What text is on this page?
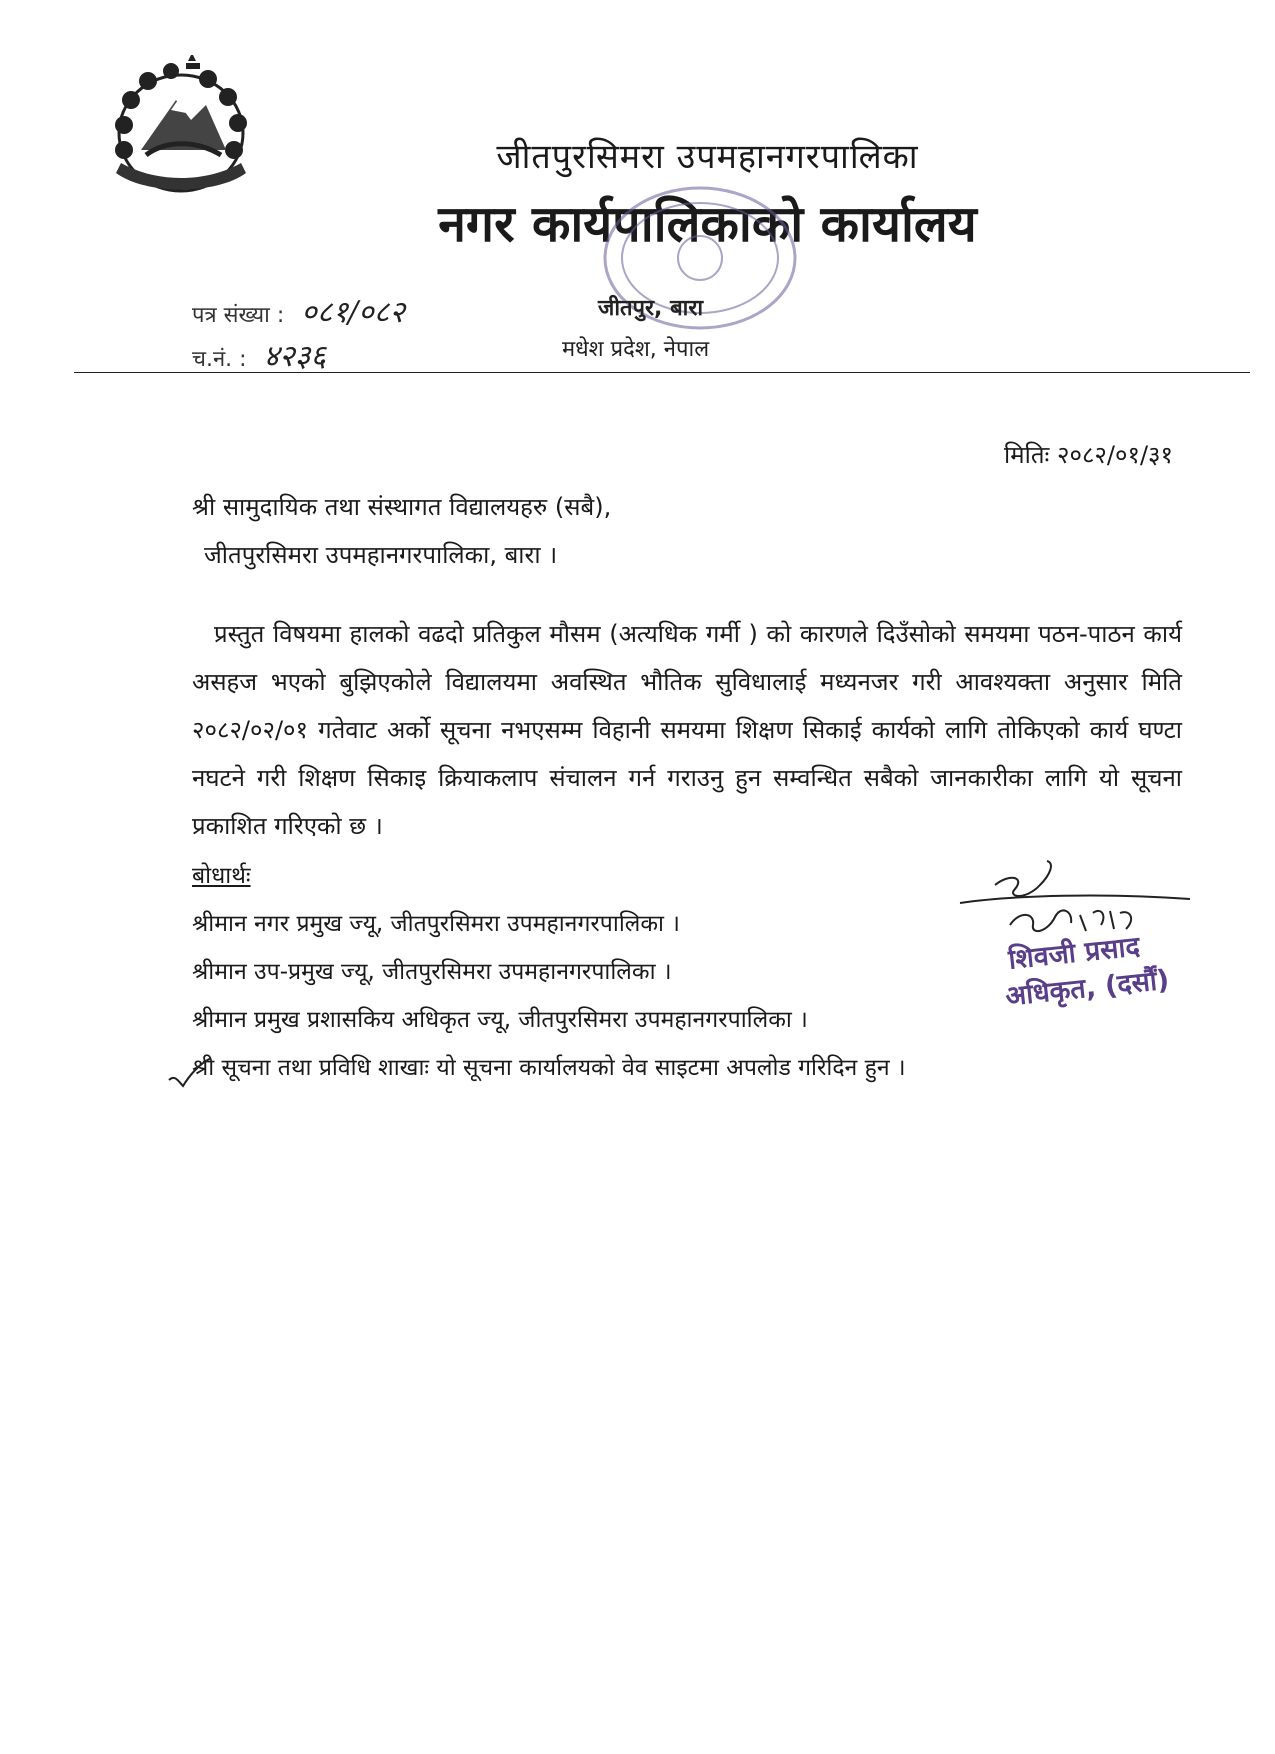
जीतपुरसिमरा उपमहानगरपालिका
नगर कार्यपालिकाको कार्यालय
पत्र संख्या : ०८१/०८२
च.नं. : ४२३६
जीतपुर, बारा
मधेश प्रदेश, नेपाल
मितिः २०८२/०१/३१
श्री सामुदायिक तथा संस्थागत विद्यालयहरु (सबै),
जीतपुरसिमरा उपमहानगरपालिका, बारा ।
प्रस्तुत विषयमा हालको वढदो प्रतिकुल मौसम (अत्यधिक गर्मी ) को कारणले दिउँसोको समयमा पठन-पाठन कार्य असहज भएको बुझिएकोले विद्यालयमा अवस्थित भौतिक सुविधालाई मध्यनजर गरी आवश्यक्ता अनुसार मिति २०८२/०२/०१ गतेवाट अर्को सूचना नभएसम्म विहानी समयमा शिक्षण सिकाई कार्यको लागि तोकिएको कार्य घण्टा नघटने गरी शिक्षण सिकाइ क्रियाकलाप संचालन गर्न गराउनु हुन सम्वन्धित सबैको जानकारीका लागि यो सूचना प्रकाशित गरिएको छ ।
बोधार्थः
श्रीमान नगर प्रमुख ज्यू, जीतपुरसिमरा उपमहानगरपालिका ।
श्रीमान उप-प्रमुख ज्यू, जीतपुरसिमरा उपमहानगरपालिका ।
श्रीमान प्रमुख प्रशासकिय अधिकृत ज्यू, जीतपुरसिमरा उपमहानगरपालिका ।
श्री सूचना तथा प्रविधि शाखाः यो सूचना कार्यालयको वेव साइटमा अपलोड गरिदिन हुन ।
शिवजी प्रसाद
अधिकृत, (दर्सौं)
